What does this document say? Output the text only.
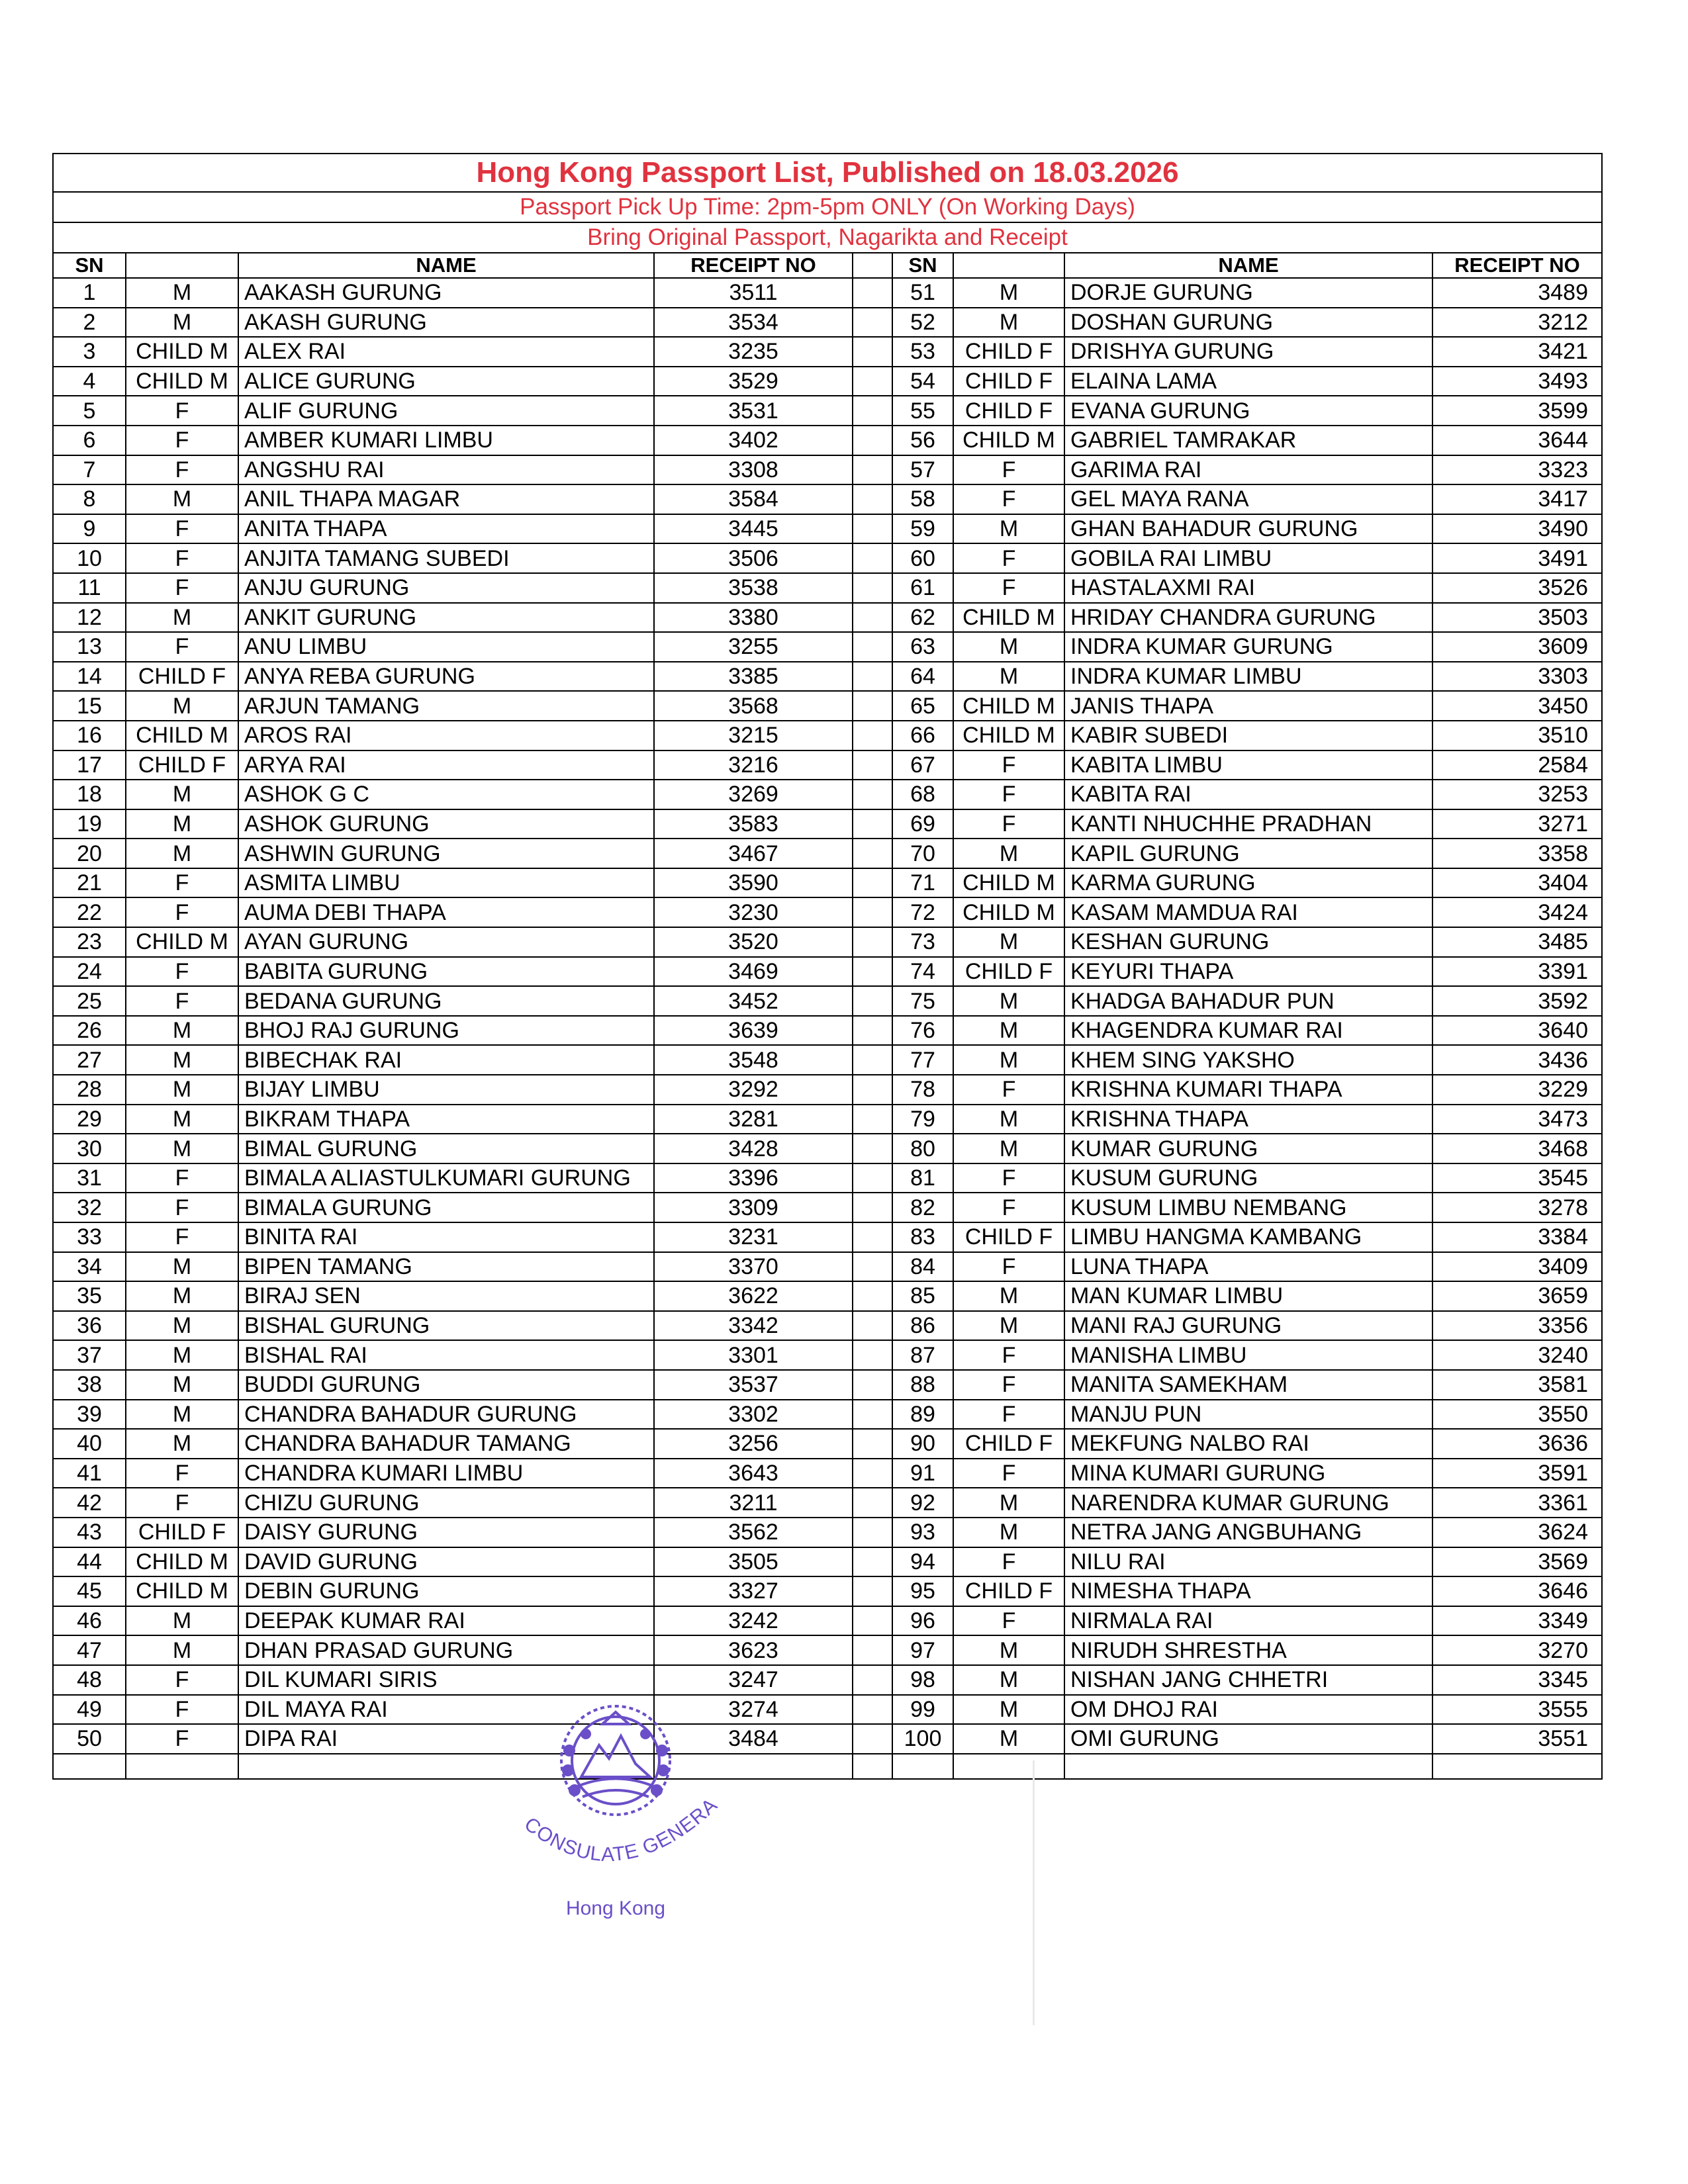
Hong Kong Passport List, Published on 18.03.2026								
Passport Pick Up Time: 2pm-5pm ONLY (On Working Days)								
Bring Original Passport, Nagarikta and Receipt								
SN		NAME	RECEIPT NO		SN		NAME	RECEIPT NO
1	M	AAKASH GURUNG	3511		51	M	DORJE GURUNG	3489
2	M	AKASH GURUNG	3534		52	M	DOSHAN GURUNG	3212
3	CHILD M	ALEX RAI	3235		53	CHILD F	DRISHYA GURUNG	3421
4	CHILD M	ALICE GURUNG	3529		54	CHILD F	ELAINA LAMA	3493
5	F	ALIF GURUNG	3531		55	CHILD F	EVANA GURUNG	3599
6	F	AMBER KUMARI LIMBU	3402		56	CHILD M	GABRIEL TAMRAKAR	3644
7	F	ANGSHU RAI	3308		57	F	GARIMA RAI	3323
8	M	ANIL THAPA MAGAR	3584		58	F	GEL MAYA RANA	3417
9	F	ANITA THAPA	3445		59	M	GHAN BAHADUR GURUNG	3490
10	F	ANJITA TAMANG SUBEDI	3506		60	F	GOBILA RAI LIMBU	3491
11	F	ANJU GURUNG	3538		61	F	HASTALAXMI RAI	3526
12	M	ANKIT GURUNG	3380		62	CHILD M	HRIDAY CHANDRA GURUNG	3503
13	F	ANU LIMBU	3255		63	M	INDRA KUMAR GURUNG	3609
14	CHILD F	ANYA REBA GURUNG	3385		64	M	INDRA KUMAR LIMBU	3303
15	M	ARJUN TAMANG	3568		65	CHILD M	JANIS THAPA	3450
16	CHILD M	AROS RAI	3215		66	CHILD M	KABIR SUBEDI	3510
17	CHILD F	ARYA RAI	3216		67	F	KABITA LIMBU	2584
18	M	ASHOK G C	3269		68	F	KABITA RAI	3253
19	M	ASHOK GURUNG	3583		69	F	KANTI NHUCHHE PRADHAN	3271
20	M	ASHWIN GURUNG	3467		70	M	KAPIL GURUNG	3358
21	F	ASMITA LIMBU	3590		71	CHILD M	KARMA GURUNG	3404
22	F	AUMA DEBI THAPA	3230		72	CHILD M	KASAM MAMDUA RAI	3424
23	CHILD M	AYAN GURUNG	3520		73	M	KESHAN GURUNG	3485
24	F	BABITA GURUNG	3469		74	CHILD F	KEYURI THAPA	3391
25	F	BEDANA GURUNG	3452		75	M	KHADGA BAHADUR PUN	3592
26	M	BHOJ RAJ GURUNG	3639		76	M	KHAGENDRA KUMAR RAI	3640
27	M	BIBECHAK RAI	3548		77	M	KHEM SING YAKSHO	3436
28	M	BIJAY LIMBU	3292		78	F	KRISHNA KUMARI THAPA	3229
29	M	BIKRAM THAPA	3281		79	M	KRISHNA THAPA	3473
30	M	BIMAL GURUNG	3428		80	M	KUMAR GURUNG	3468
31	F	BIMALA ALIASTULKUMARI GURUNG	3396		81	F	KUSUM GURUNG	3545
32	F	BIMALA GURUNG	3309		82	F	KUSUM LIMBU NEMBANG	3278
33	F	BINITA RAI	3231		83	CHILD F	LIMBU HANGMA KAMBANG	3384
34	M	BIPEN TAMANG	3370		84	F	LUNA THAPA	3409
35	M	BIRAJ SEN	3622		85	M	MAN KUMAR LIMBU	3659
36	M	BISHAL GURUNG	3342		86	M	MANI RAJ GURUNG	3356
37	M	BISHAL RAI	3301		87	F	MANISHA LIMBU	3240
38	M	BUDDI GURUNG	3537		88	F	MANITA SAMEKHAM	3581
39	M	CHANDRA BAHADUR GURUNG	3302		89	F	MANJU PUN	3550
40	M	CHANDRA BAHADUR TAMANG	3256		90	CHILD F	MEKFUNG NALBO RAI	3636
41	F	CHANDRA KUMARI LIMBU	3643		91	F	MINA KUMARI GURUNG	3591
42	F	CHIZU GURUNG	3211		92	M	NARENDRA KUMAR GURUNG	3361
43	CHILD F	DAISY GURUNG	3562		93	M	NETRA JANG ANGBUHANG	3624
44	CHILD M	DAVID GURUNG	3505		94	F	NILU RAI	3569
45	CHILD M	DEBIN GURUNG	3327		95	CHILD F	NIMESHA THAPA	3646
46	M	DEEPAK KUMAR RAI	3242		96	F	NIRMALA RAI	3349
47	M	DHAN PRASAD GURUNG	3623		97	M	NIRUDH SHRESTHA	3270
48	F	DIL KUMARI SIRIS	3247		98	M	NISHAN JANG CHHETRI	3345
49	F	DIL MAYA RAI	3274		99	M	OM DHOJ RAI	3555
50	F	DIPA RAI	3484		100	M	OMI GURUNG	3551

CONSULATE GENERA
Hong Kong
